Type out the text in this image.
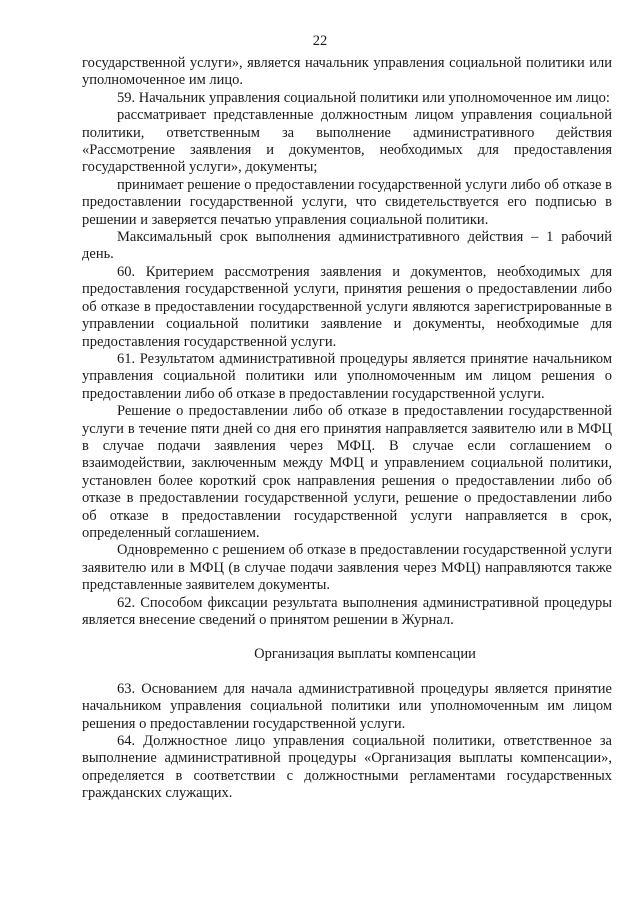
22

государственной услуги», является начальник управления социальной политики или уполномоченное им лицо.

59. Начальник управления социальной политики или уполномоченное им лицо:

рассматривает представленные должностным лицом управления социальной политики, ответственным за выполнение административного действия «Рассмотрение заявления и документов, необходимых для предоставления государственной услуги», документы;

принимает решение о предоставлении государственной услуги либо об отказе в предоставлении государственной услуги, что свидетельствуется его подписью в решении и заверяется печатью управления социальной политики.

Максимальный срок выполнения административного действия – 1 рабочий день.

60. Критерием рассмотрения заявления и документов, необходимых для предоставления государственной услуги, принятия решения о предоставлении либо об отказе в предоставлении государственной услуги являются зарегистрированные в управлении социальной политики заявление и документы, необходимые для предоставления государственной услуги.

61. Результатом административной процедуры является принятие начальником управления социальной политики или уполномоченным им лицом решения о предоставлении либо об отказе в предоставлении государственной услуги.

Решение о предоставлении либо об отказе в предоставлении государственной услуги в течение пяти дней со дня его принятия направляется заявителю или в МФЦ в случае подачи заявления через МФЦ. В случае если соглашением о взаимодействии, заключенным между МФЦ и управлением социальной политики, установлен более короткий срок направления решения о предоставлении либо об отказе в предоставлении государственной услуги, решение о предоставлении либо об отказе в предоставлении государственной услуги направляется в срок, определенный соглашением.

Одновременно с решением об отказе в предоставлении государственной услуги заявителю или в МФЦ (в случае подачи заявления через МФЦ) направляются также представленные заявителем документы.

62. Способом фиксации результата выполнения административной процедуры является внесение сведений о принятом решении в Журнал.

Организация выплаты компенсации

63. Основанием для начала административной процедуры является принятие начальником управления социальной политики или уполномоченным им лицом решения о предоставлении государственной услуги.

64. Должностное лицо управления социальной политики, ответственное за выполнение административной процедуры «Организация выплаты компенсации», определяется в соответствии с должностными регламентами государственных гражданских служащих.
